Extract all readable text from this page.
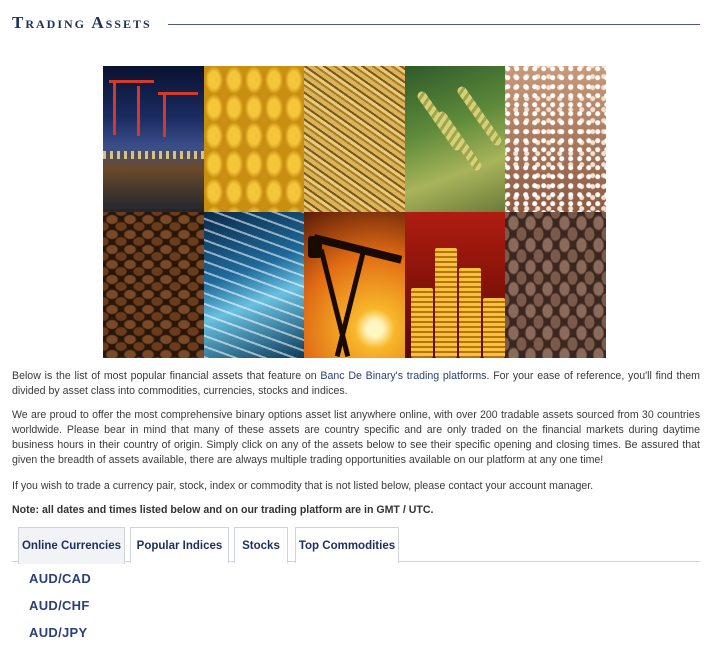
Trading Assets

Below is the list of most popular financial assets that feature on Banc De Binary's trading platforms. For your ease of reference, you'll find them divided by asset class into commodities, currencies, stocks and indices.

We are proud to offer the most comprehensive binary options asset list anywhere online, with over 200 tradable assets sourced from 30 countries worldwide. Please bear in mind that many of these assets are country specific and are only traded on the financial markets during daytime business hours in their country of origin. Simply click on any of the assets below to see their specific opening and closing times. Be assured that given the breadth of assets available, there are always multiple trading opportunities available on our platform at any one time!

If you wish to trade a currency pair, stock, index or commodity that is not listed below, please contact your account manager.

Note: all dates and times listed below and on our trading platform are in GMT / UTC.

Online Currencies	Popular Indices	Stocks	Top Commodities
AUD/CAD
AUD/CHF
AUD/JPY
